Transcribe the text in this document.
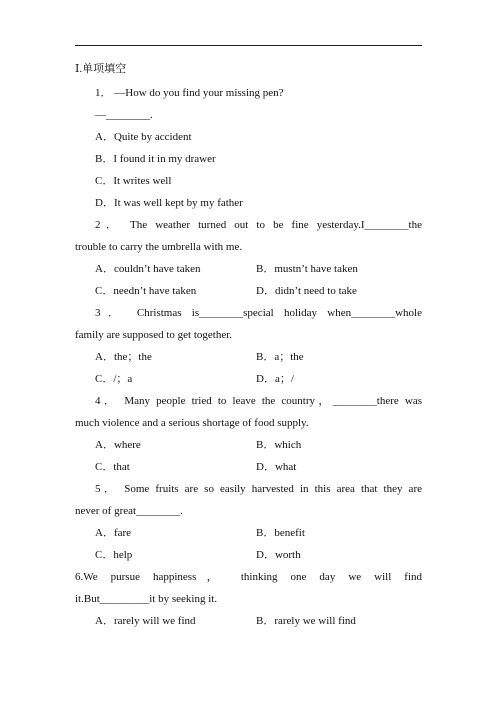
Ⅰ.单项填空
1． —How do you find your missing pen?
—________.
A．Quite by accident
B．I found it in my drawer
C．It writes well
D．It was well kept by my father
2． The weather turned out to be fine yesterday.I________the
trouble to carry the umbrella with me.
A．couldn’t have taken	B．mustn’t have taken
C．needn’t have taken	D．didn’t need to take
3． Christmas is________special holiday when________whole
family are supposed to get together.
A．the；the	B．a；the
C．/；a	D．a；/
4． Many people tried to leave the country，________there was
much violence and a serious shortage of food supply.
A．where	B．which
C．that	D．what
5． Some fruits are so easily harvested in this area that they are
never of great________.
A．fare	B．benefit
C．help	D．worth
6.We pursue happiness， thinking one day we will find
it.But_________it by seeking it.
A．rarely will we find	B．rarely we will find
